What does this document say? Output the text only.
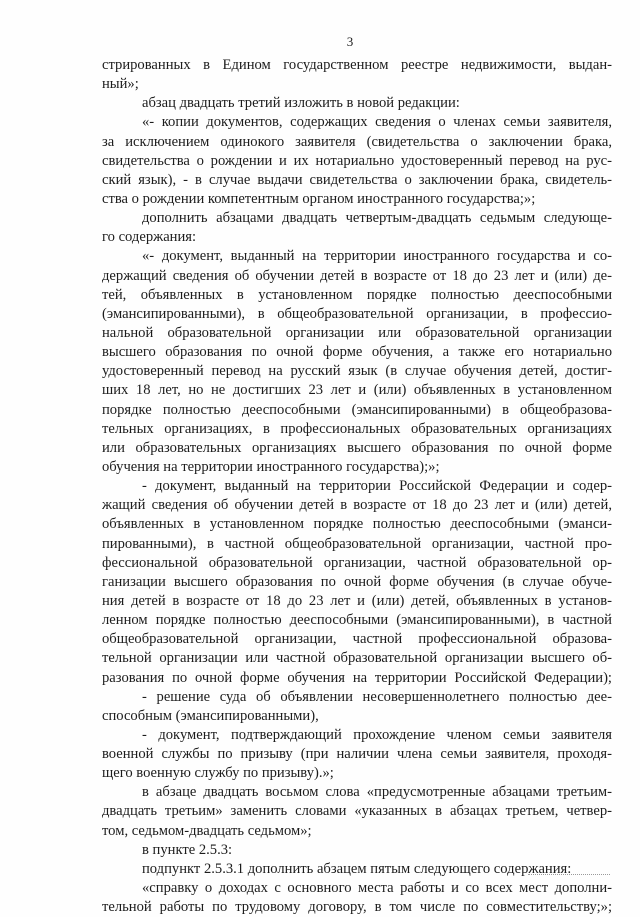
3
стрированных в Едином государственном реестре недвижимости, выдан-
ный»;
абзац двадцать третий изложить в новой редакции:
«- копии документов, содержащих сведения о членах семьи заявителя,
за исключением одинокого заявителя (свидетельства о заключении брака,
свидетельства о рождении и их нотариально удостоверенный перевод на рус-
ский язык), - в случае выдачи свидетельства о заключении брака, свидетель-
ства о рождении компетентным органом иностранного государства;»;
дополнить абзацами двадцать четвертым-двадцать седьмым следующе-
го содержания:
«- документ, выданный на территории иностранного государства и со-
держащий сведения об обучении детей в возрасте от 18 до 23 лет и (или) де-
тей, объявленных в установленном порядке полностью дееспособными
(эмансипированными), в общеобразовательной организации, в профессио-
нальной образовательной организации или образовательной организации
высшего образования по очной форме обучения, а также его нотариально
удостоверенный перевод на русский язык (в случае обучения детей, достиг-
ших 18 лет, но не достигших 23 лет и (или) объявленных в установленном
порядке полностью дееспособными (эмансипированными) в общеобразова-
тельных организациях, в профессиональных образовательных организациях
или образовательных организациях высшего образования по очной форме
обучения на территории иностранного государства);»;
- документ, выданный на территории Российской Федерации и содер-
жащий сведения об обучении детей в возрасте от 18 до 23 лет и (или) детей,
объявленных в установленном порядке полностью дееспособными (эманси-
пированными), в частной общеобразовательной организации, частной про-
фессиональной образовательной организации, частной образовательной ор-
ганизации высшего образования по очной форме обучения (в случае обуче-
ния детей в возрасте от 18 до 23 лет и (или) детей, объявленных в установ-
ленном порядке полностью дееспособными (эмансипированными), в частной
общеобразовательной организации, частной профессиональной образова-
тельной организации или частной образовательной организации высшего об-
разования по очной форме обучения на территории Российской Федерации);
- решение суда об объявлении несовершеннолетнего полностью дее-
способным (эмансипированными),
- документ, подтверждающий прохождение членом семьи заявителя
военной службы по призыву (при наличии члена семьи заявителя, проходя-
щего военную службу по призыву).»;
в абзаце двадцать восьмом слова «предусмотренные абзацами третьим-
двадцать третьим» заменить словами «указанных в абзацах третьем, четвер-
том, седьмом-двадцать седьмом»;
в пункте 2.5.3:
подпункт 2.5.3.1 дополнить абзацем пятым следующего содержания:
«справку о доходах с основного места работы и со всех мест дополни-
тельной работы по трудовому договору, в том числе по совместительству;»;
